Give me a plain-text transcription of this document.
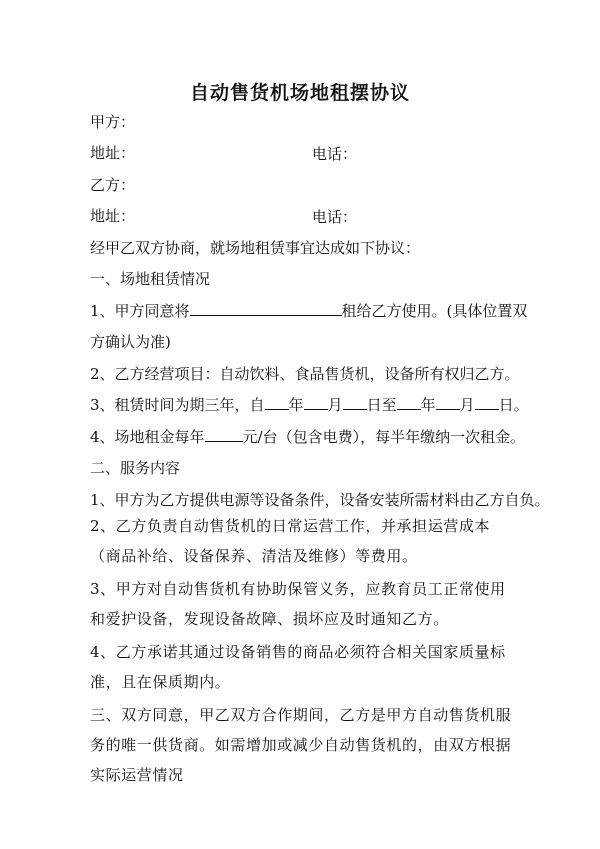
自动售货机场地租摆协议
甲方：
地址：	电话：
乙方：
地址：	电话：
经甲乙双方协商，就场地租赁事宜达成如下协议：
一、场地租赁情况
1、甲方同意将	租给乙方使用。(具体位置双
方确认为准)
2、乙方经营项目：自动饮料、食品售货机，设备所有权归乙方。
3、租赁时间为期三年，自 年 月 日至 年 月 日。
4、场地租金每年	元/台（包含电费），每半年缴纳一次租金。
二、服务内容
1、甲方为乙方提供电源等设备条件，设备安装所需材料由乙方自负。
2、乙方负责自动售货机的日常运营工作，并承担运营成本（商品补给、设备保养、清洁及维修）等费用。
3、甲方对自动售货机有协助保管义务，应教育员工正常使用和爱护设备，发现设备故障、损坏应及时通知乙方。
4、乙方承诺其通过设备销售的商品必须符合相关国家质量标准，且在保质期内。
三、双方同意，甲乙双方合作期间，乙方是甲方自动售货机服务的唯一供货商。如需增加或减少自动售货机的，由双方根据实际运营情况
